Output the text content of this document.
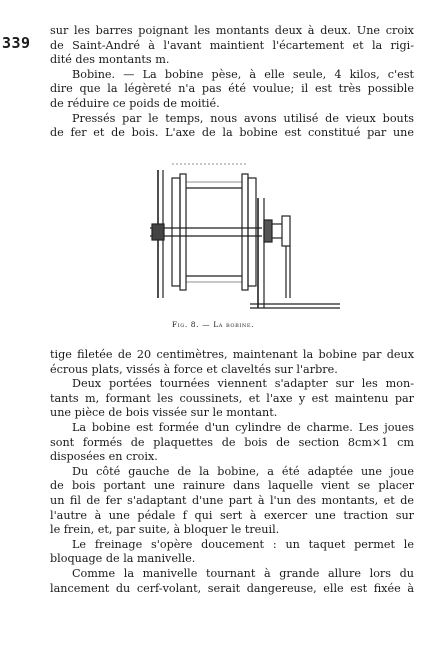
339
sur les barres poignant les montants deux à deux. Une croix
de Saint-André à l'avant maintient l'écartement et la rigi-
dité des montants m.
Bobine. — La bobine pèse, à elle seule, 4 kilos, c'est
dire que la légèreté n'a pas été voulue; il est très possible
de réduire ce poids de moitié.
Pressés par le temps, nous avons utilisé de vieux bouts
de fer et de bois. L'axe de la bobine est constitué par une
Fig. 8. — La bobine.
tige filetée de 20 centimètres, maintenant la bobine par deux
écrous plats, vissés à force et claveltés sur l'arbre.
Deux portées tournées viennent s'adapter sur les mon-
tants m, formant les coussinets, et l'axe y est maintenu par
une pièce de bois vissée sur le montant.
La bobine est formée d'un cylindre de charme. Les joues
sont formés de plaquettes de bois de section 8cm×1 cm
disposées en croix.
Du côté gauche de la bobine, a été adaptée une joue
de bois portant une rainure dans laquelle vient se placer
un fil de fer s'adaptant d'une part à l'un des montants, et de
l'autre à une pédale f qui sert à exercer une traction sur
le frein, et, par suite, à bloquer le treuil.
Le freinage s'opère doucement : un taquet permet le
bloquage de la manivelle.
Comme la manivelle tournant à grande allure lors du
lancement du cerf-volant, serait dangereuse, elle est fixée à
